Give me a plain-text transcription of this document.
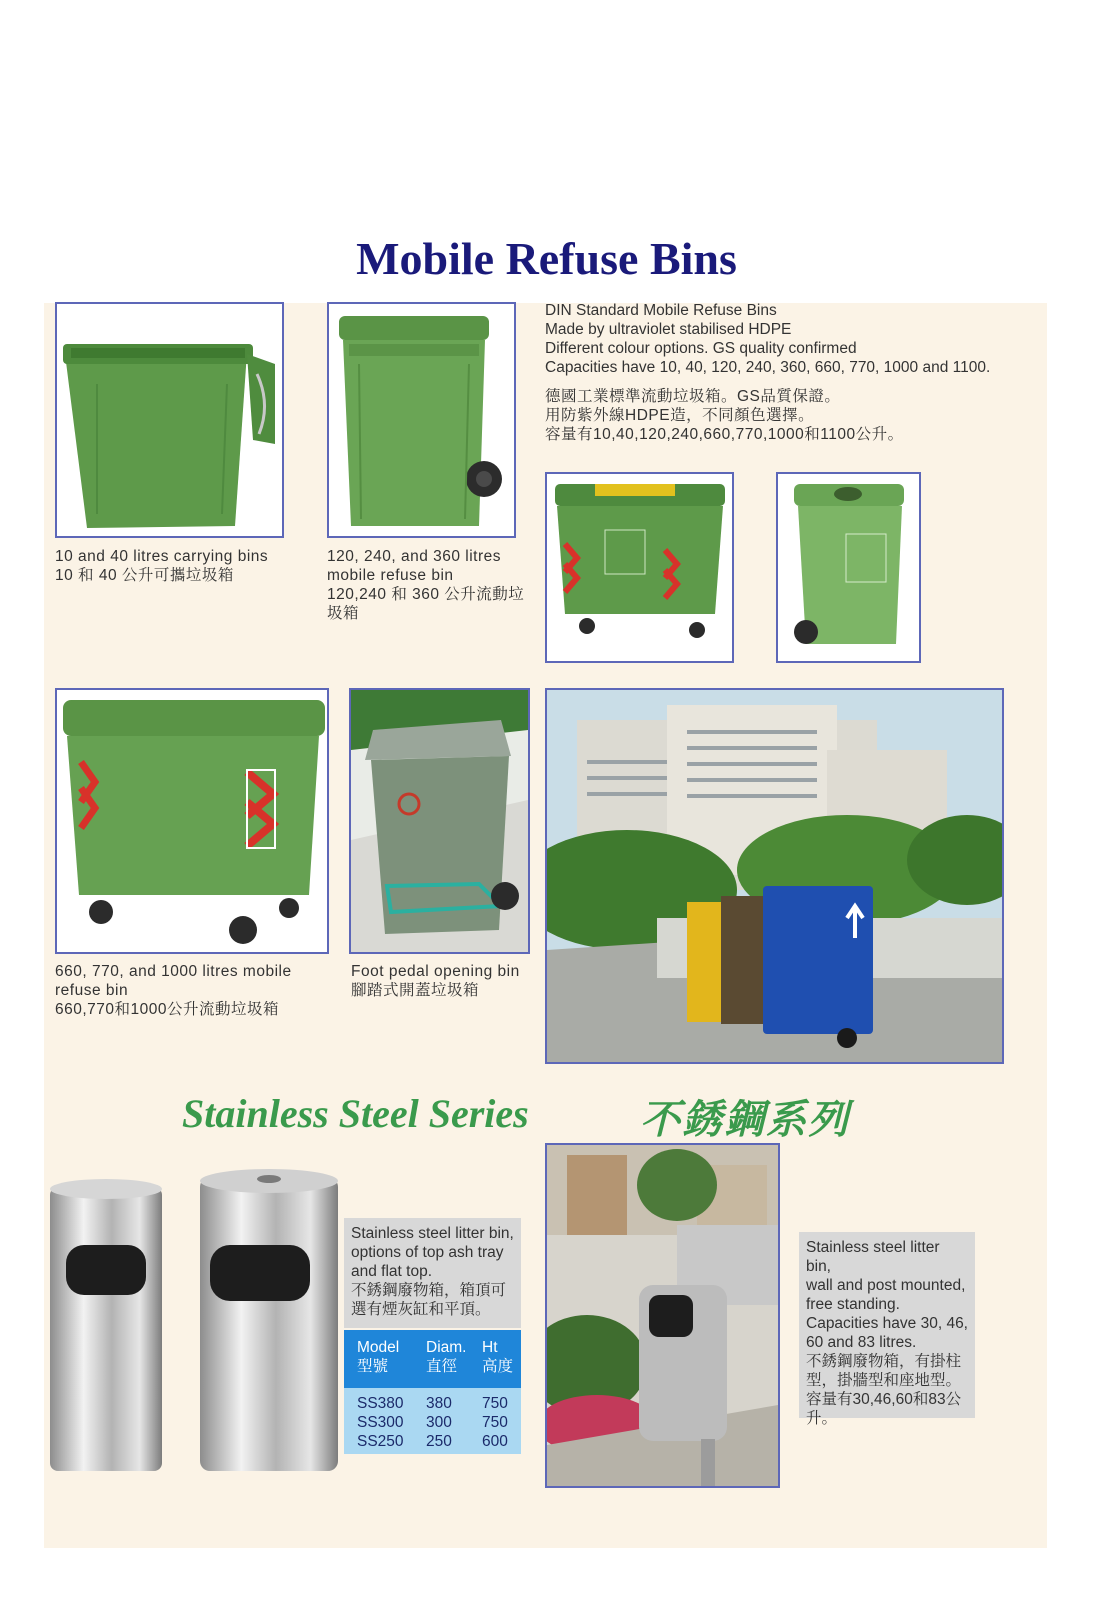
Mobile Refuse Bins
DIN Standard Mobile Refuse Bins
Made by ultraviolet stabilised HDPE
Different colour options. GS quality confirmed
Capacities have 10, 40, 120, 240, 360, 660, 770, 1000 and 1100.
德國工業標準流動垃圾箱。GS品質保證。
用防紫外線HDPE造，不同顏色選擇。
容量有10,40,120,240,660,770,1000和1100公升。
10 and 40 litres carrying bins
10 和 40 公升可攜垃圾箱
120, 240, and 360 litres
mobile refuse bin
120,240 和 360 公升流動垃
圾箱
660, 770, and 1000 litres mobile
refuse bin
660,770和1000公升流動垃圾箱
Foot pedal opening bin
腳踏式開蓋垃圾箱
Stainless Steel Series	不銹鋼系列
Stainless steel litter bin,
options of top ash tray
and flat top.
不銹鋼廢物箱，箱頂可
選有煙灰缸和平頂。
Model
型號
Diam.
直徑
Ht
高度
SS380
SS300
SS250
380
300
250
750
750
600
Stainless steel litter bin,
wall and post mounted,
free standing.
Capacities have 30, 46,
60 and 83 litres.
不銹鋼廢物箱，有掛柱
型，掛牆型和座地型。
容量有30,46,60和83公
升。
